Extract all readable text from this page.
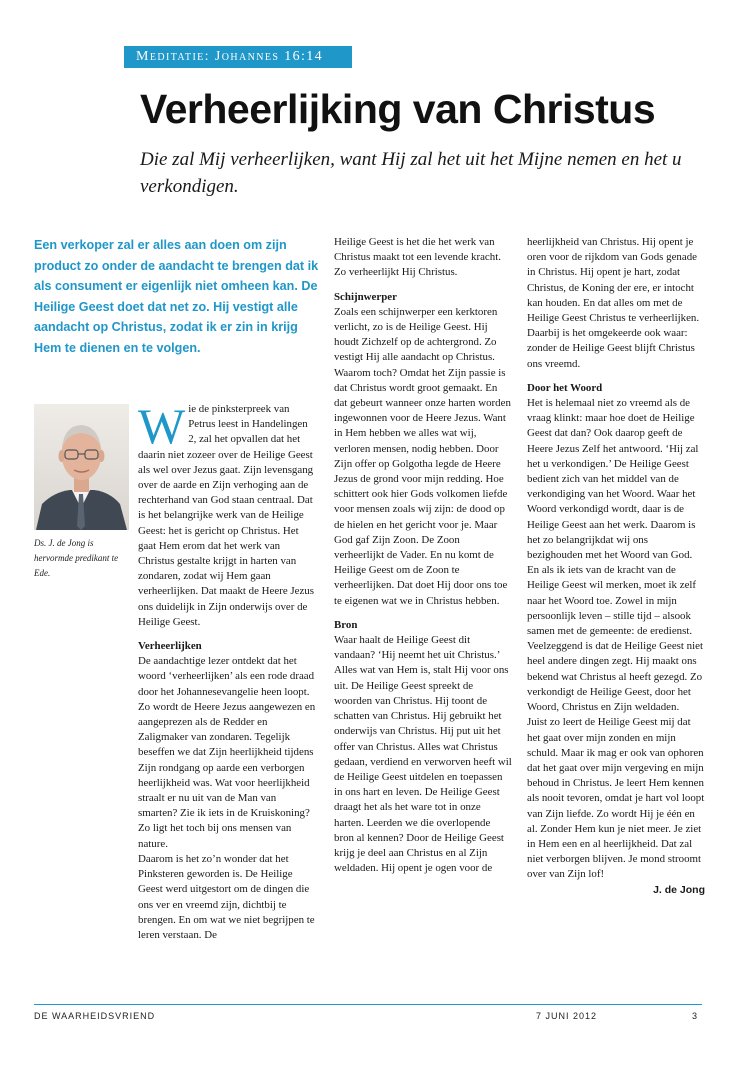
Meditatie: Johannes 16:14
Verheerlijking van Christus

Die zal Mij verheerlijken, want Hij zal het uit het Mijne nemen en het u verkondigen.

Een verkoper zal er alles aan doen om zijn product zo onder de aandacht te brengen dat ik als consument er eigenlijk niet omheen kan. De Heilige Geest doet dat net zo. Hij vestigt alle aandacht op Christus, zodat ik er zin in krijg Hem te dienen en te volgen.

Ds. J. de Jong is hervormde predikant te Ede.

Wie de pinksterpreek van Petrus leest in Handelingen 2, zal het opvallen dat het daarin niet zozeer over de Heilige Geest als wel over Jezus gaat. Zijn levensgang over de aarde en Zijn verhoging aan de rechterhand van God staan centraal. Dat is het belangrijke werk van de Heilige Geest: het is gericht op Christus. Het gaat Hem erom dat het werk van Christus gestalte krijgt in harten van zondaren, zodat wij Hem gaan verheerlijken. Dat maakt de Heere Jezus ons duidelijk in Zijn onderwijs over de Heilige Geest.

Verheerlijken

De aandachtige lezer ontdekt dat het woord ‘verheerlijken’ als een rode draad door het Johannesevangelie heen loopt. Zo wordt de Heere Jezus aangewezen en aangeprezen als de Redder en Zaligmaker van zondaren. Tegelijk beseffen we dat Zijn heerlijkheid tijdens Zijn rondgang op aarde een verborgen heerlijkheid was. Wat voor heerlijkheid straalt er nu uit van de Man van smarten? Zie ik iets in de Kruiskoning? Zo ligt het toch bij ons mensen van nature.

Daarom is het zo’n wonder dat het Pinksteren geworden is. De Heilige Geest werd uitgestort om de dingen die ons ver en vreemd zijn, dichtbij te brengen. En om wat we niet begrijpen te leren verstaan. De

Heilige Geest is het die het werk van Christus maakt tot een levende kracht. Zo verheerlijkt Hij Christus.

Schijnwerper

Zoals een schijnwerper een kerktoren verlicht, zo is de Heilige Geest. Hij houdt Zichzelf op de achtergrond. Zo vestigt Hij alle aandacht op Christus. Waarom toch? Omdat het Zijn passie is dat Christus wordt groot gemaakt. En dat gebeurt wanneer onze harten worden ingewonnen voor de Heere Jezus. Want in Hem hebben we alles wat wij, verloren mensen, nodig hebben. Door Zijn offer op Golgotha legde de Heere Jezus de grond voor mijn redding. Hoe schittert ook hier Gods volkomen liefde voor mensen zoals wij zijn: de dood op de hielen en het gericht voor je. Maar God gaf Zijn Zoon. De Zoon verheerlijkt de Vader. En nu komt de Heilige Geest om de Zoon te verheerlijken. Dat doet Hij door ons toe te eigenen wat we in Christus hebben.

Bron

Waar haalt de Heilige Geest dit vandaan? ‘Hij neemt het uit Christus.’ Alles wat van Hem is, stalt Hij voor ons uit. De Heilige Geest spreekt de woorden van Christus. Hij toont de schatten van Christus. Hij gebruikt het onderwijs van Christus. Hij put uit het offer van Christus. Alles wat Christus gedaan, verdiend en verworven heeft wil de Heilige Geest uitdelen en toepassen in ons hart en leven. De Heilige Geest draagt het als het ware tot in onze harten. Leerden we die overlopende bron al kennen? Door de Heilige Geest krijg je deel aan Christus en al Zijn weldaden. Hij opent je ogen voor de

heerlijkheid van Christus. Hij opent je oren voor de rijkdom van Gods genade in Christus. Hij opent je hart, zodat Christus, de Koning der ere, er intocht kan houden. En dat alles om met de Heilige Geest Christus te verheerlijken.

Daarbij is het omgekeerde ook waar: zonder de Heilige Geest blijft Christus ons vreemd.

Door het Woord

Het is helemaal niet zo vreemd als de vraag klinkt: maar hoe doet de Heilige Geest dat dan? Ook daarop geeft de Heere Jezus Zelf het antwoord. ‘Hij zal het u verkondigen.’ De Heilige Geest bedient zich van het middel van de verkondiging van het Woord. Waar het Woord verkondigd wordt, daar is de Heilige Geest aan het werk. Daarom is het zo belangrijkdat wij ons bezighouden met het Woord van God. En als ik iets van de kracht van de Heilige Geest wil merken, moet ik zelf naar het Woord toe. Zowel in mijn persoonlijk leven – stille tijd – alsook samen met de gemeente: de eredienst.

Veelzeggend is dat de Heilige Geest niet heel andere dingen zegt. Hij maakt ons bekend wat Christus al heeft gezegd. Zo verkondigt de Heilige Geest, door het Woord, Christus en Zijn weldaden.

Juist zo leert de Heilige Geest mij dat het gaat over mijn zonden en mijn schuld. Maar ik mag er ook van ophoren dat het gaat over mijn vergeving en mijn behoud in Christus. Je leert Hem kennen als nooit tevoren, omdat je hart vol loopt van Zijn liefde. Zo wordt Hij je één en al. Zonder Hem kun je niet meer. Je ziet in Hem een en al heerlijkheid. Dat zal niet verborgen blijven. Je mond stroomt over van Zijn lof!

J. de Jong

DE WAARHEIDSVRIEND	7 JUNI 2012	3
